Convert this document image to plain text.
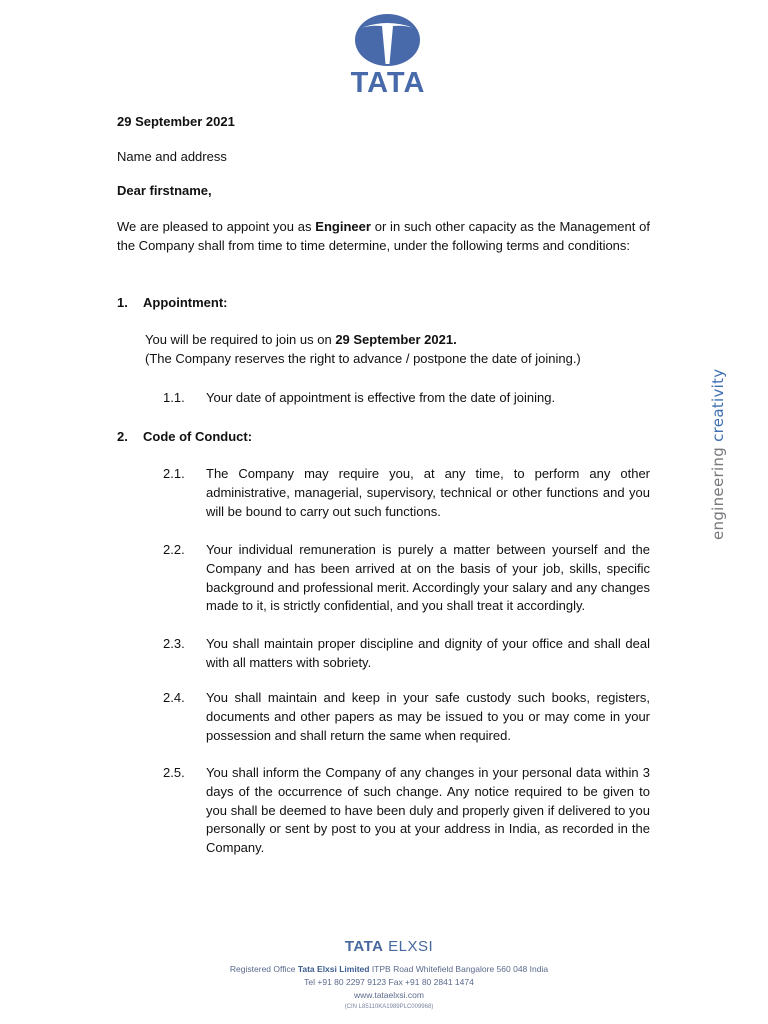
TATA
engineering creativity
29 September 2021
Name and address
Dear firstname,
We are pleased to appoint you as Engineer or in such other capacity as the Management of the Company shall from time to time determine, under the following terms and conditions:
1. Appointment:
You will be required to join us on 29 September 2021.
(The Company reserves the right to advance / postpone the date of joining.)
1.1. Your date of appointment is effective from the date of joining.
2. Code of Conduct:
2.1. The Company may require you, at any time, to perform any other administrative, managerial, supervisory, technical or other functions and you will be bound to carry out such functions.
2.2. Your individual remuneration is purely a matter between yourself and the Company and has been arrived at on the basis of your job, skills, specific background and professional merit. Accordingly your salary and any changes made to it, is strictly confidential, and you shall treat it accordingly.
2.3. You shall maintain proper discipline and dignity of your office and shall deal with all matters with sobriety.
2.4. You shall maintain and keep in your safe custody such books, registers, documents and other papers as may be issued to you or may come in your possession and shall return the same when required.
2.5. You shall inform the Company of any changes in your personal data within 3 days of the occurrence of such change. Any notice required to be given to you shall be deemed to have been duly and properly given if delivered to you personally or sent by post to you at your address in India, as recorded in the Company.
TATA ELXSI
Registered Office Tata Elxsi Limited ITPB Road Whitefield Bangalore 560 048 India
Tel +91 80 2297 9123 Fax +91 80 2841 1474
www.tataelxsi.com
(CIN L85110KA1989PLC009968)
